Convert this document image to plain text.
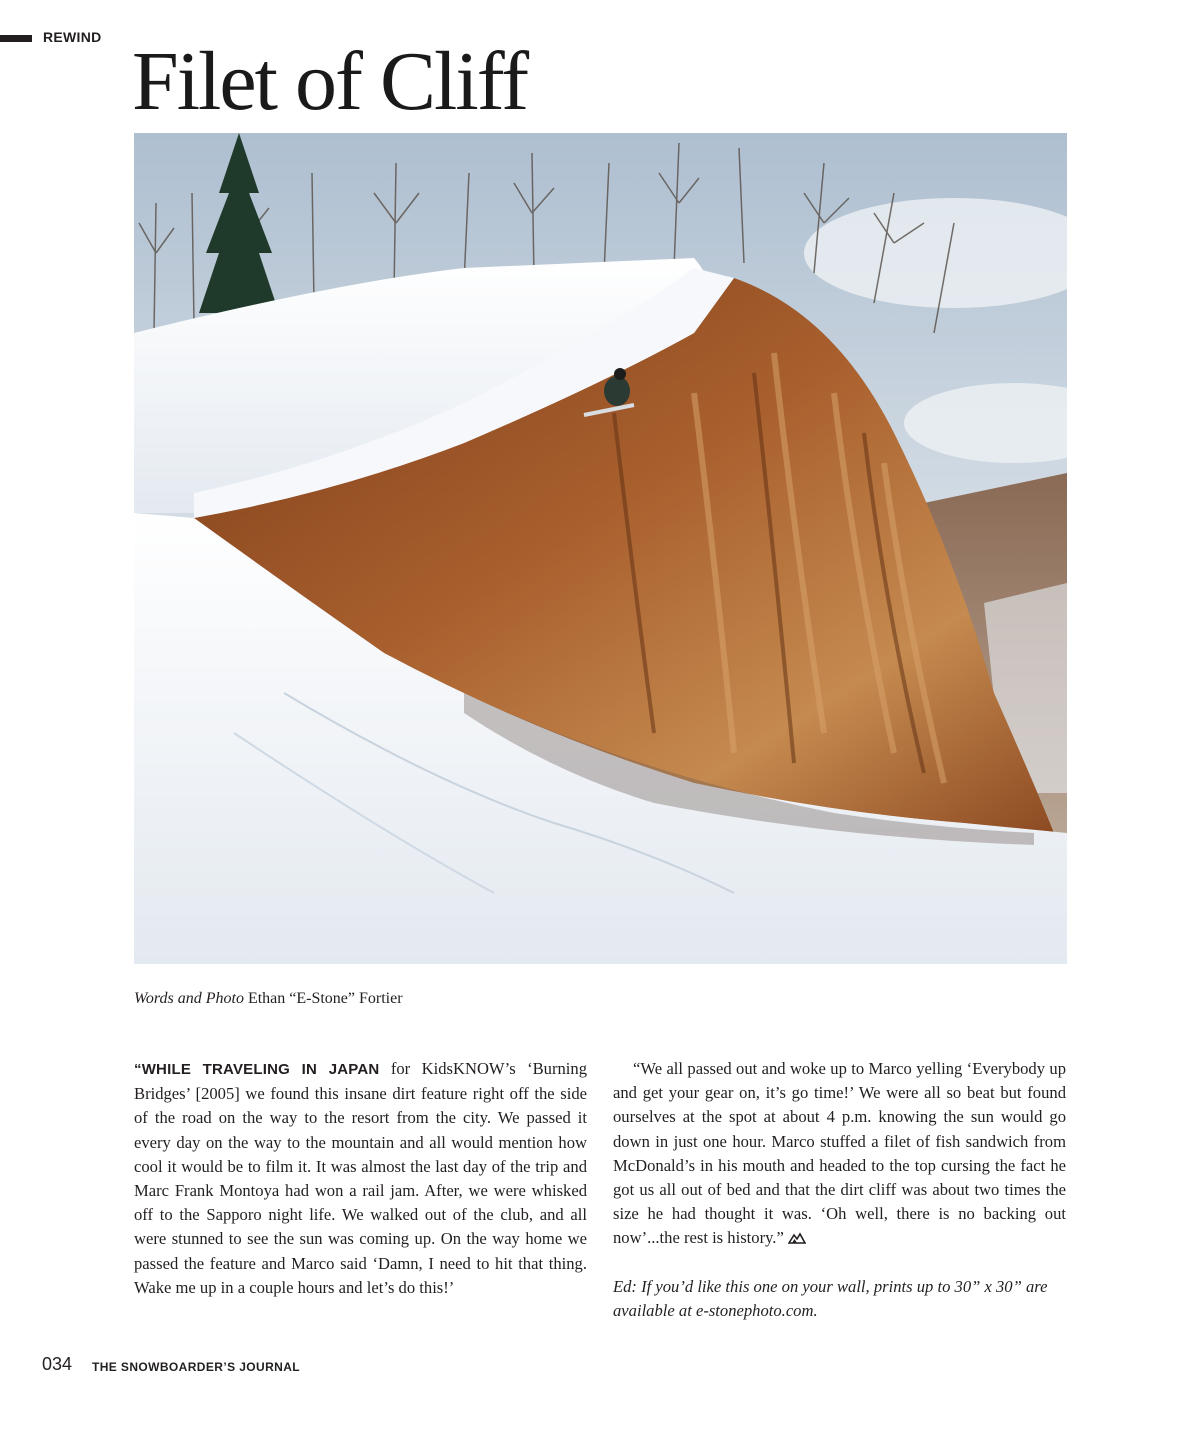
REWIND Filet of Cliff
Words and Photo Ethan “E-Stone” Fortier

“WHILE TRAVELING IN JAPAN for KidsKNOW’s ‘Burning Bridges’ [2005] we found this insane dirt feature right off the side of the road on the way to the resort from the city. We passed it every day on the way to the mountain and all would mention how cool it would be to film it. It was almost the last day of the trip and Marc Frank Montoya had won a rail jam. After, we were whisked off to the Sapporo night life. We walked out of the club, and all were stunned to see the sun was coming up. On the way home we passed the feature and Marco said ‘Damn, I need to hit that thing. Wake me up in a couple hours and let’s do this!’

“We all passed out and woke up to Marco yelling ‘Everybody up and get your gear on, it’s go time!’ We were all so beat but found ourselves at the spot at about 4 p.m. knowing the sun would go down in just one hour. Marco stuffed a filet of fish sandwich from McDonald’s in his mouth and headed to the top cursing the fact he got us all out of bed and that the dirt cliff was about two times the size he had thought it was. ‘Oh well, there is no backing out now’...the rest is history.”

Ed: If you’d like this one on your wall, prints up to 30” x 30” are available at e-stonephoto.com.

034 THE SNOWBOARDER’S JOURNAL
